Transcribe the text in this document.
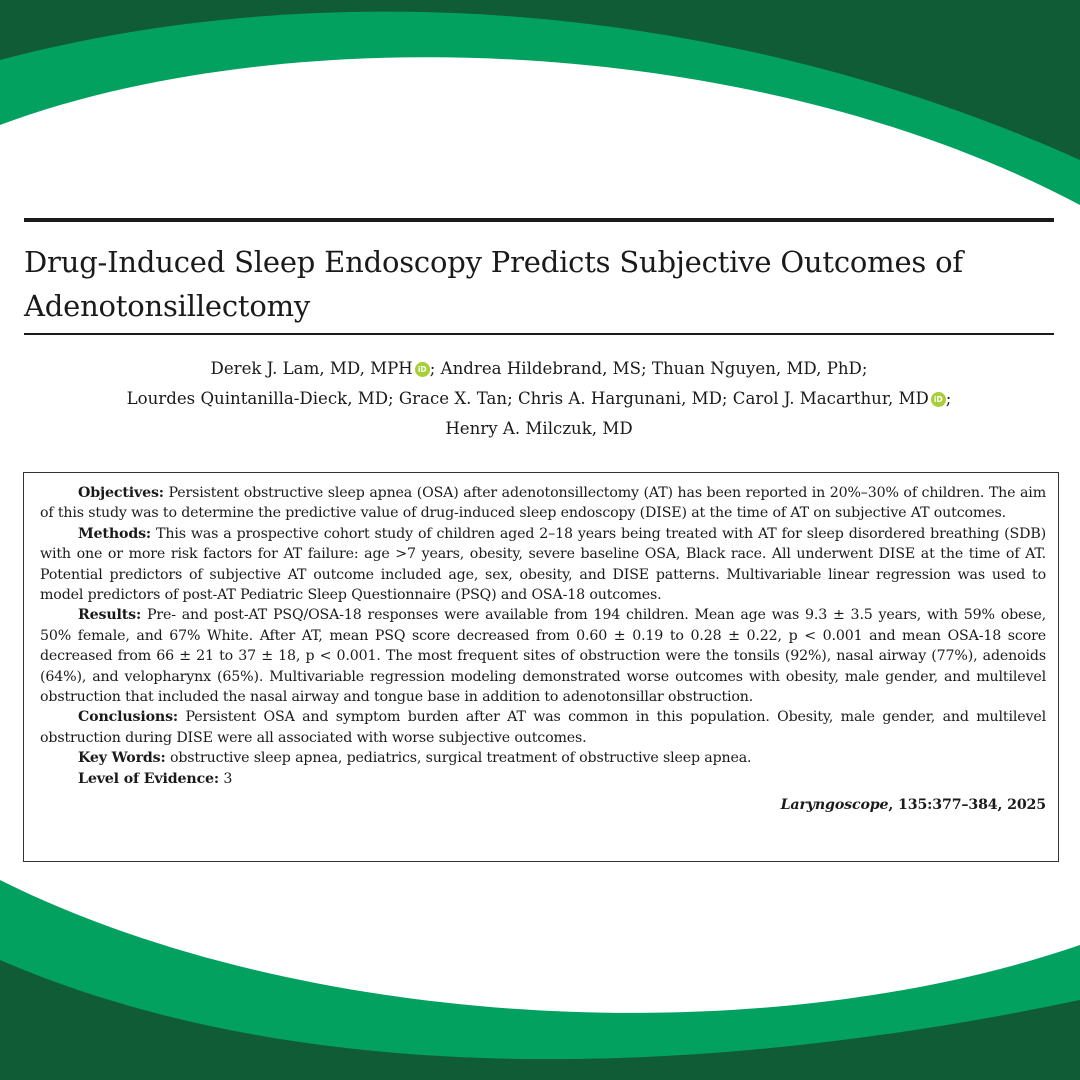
Drug-Induced Sleep Endoscopy Predicts Subjective Outcomes of Adenotonsillectomy
Derek J. Lam, MD, MPH iD ; Andrea Hildebrand, MS; Thuan Nguyen, MD, PhD;
Lourdes Quintanilla-Dieck, MD; Grace X. Tan; Chris A. Hargunani, MD; Carol J. Macarthur, MD iD ;
Henry A. Milczuk, MD

Objectives: Persistent obstructive sleep apnea (OSA) after adenotonsillectomy (AT) has been reported in 20%–30% of children. The aim of this study was to determine the predictive value of drug-induced sleep endoscopy (DISE) at the time of AT on subjective AT outcomes.

Methods: This was a prospective cohort study of children aged 2–18 years being treated with AT for sleep disordered breathing (SDB) with one or more risk factors for AT failure: age >7 years, obesity, severe baseline OSA, Black race. All underwent DISE at the time of AT. Potential predictors of subjective AT outcome included age, sex, obesity, and DISE patterns. Multivariable linear regression was used to model predictors of post-AT Pediatric Sleep Questionnaire (PSQ) and OSA-18 outcomes.

Results: Pre- and post-AT PSQ/OSA-18 responses were available from 194 children. Mean age was 9.3 ± 3.5 years, with 59% obese, 50% female, and 67% White. After AT, mean PSQ score decreased from 0.60 ± 0.19 to 0.28 ± 0.22, p < 0.001 and mean OSA-18 score decreased from 66 ± 21 to 37 ± 18, p < 0.001. The most frequent sites of obstruction were the tonsils (92%), nasal airway (77%), adenoids (64%), and velopharynx (65%). Multivariable regression modeling demonstrated worse outcomes with obesity, male gender, and multilevel obstruction that included the nasal airway and tongue base in addition to adenotonsillar obstruction.

Conclusions: Persistent OSA and symptom burden after AT was common in this population. Obesity, male gender, and multilevel obstruction during DISE were all associated with worse subjective outcomes.

Key Words: obstructive sleep apnea, pediatrics, surgical treatment of obstructive sleep apnea.

Level of Evidence: 3

Laryngoscope, 135:377–384, 2025
